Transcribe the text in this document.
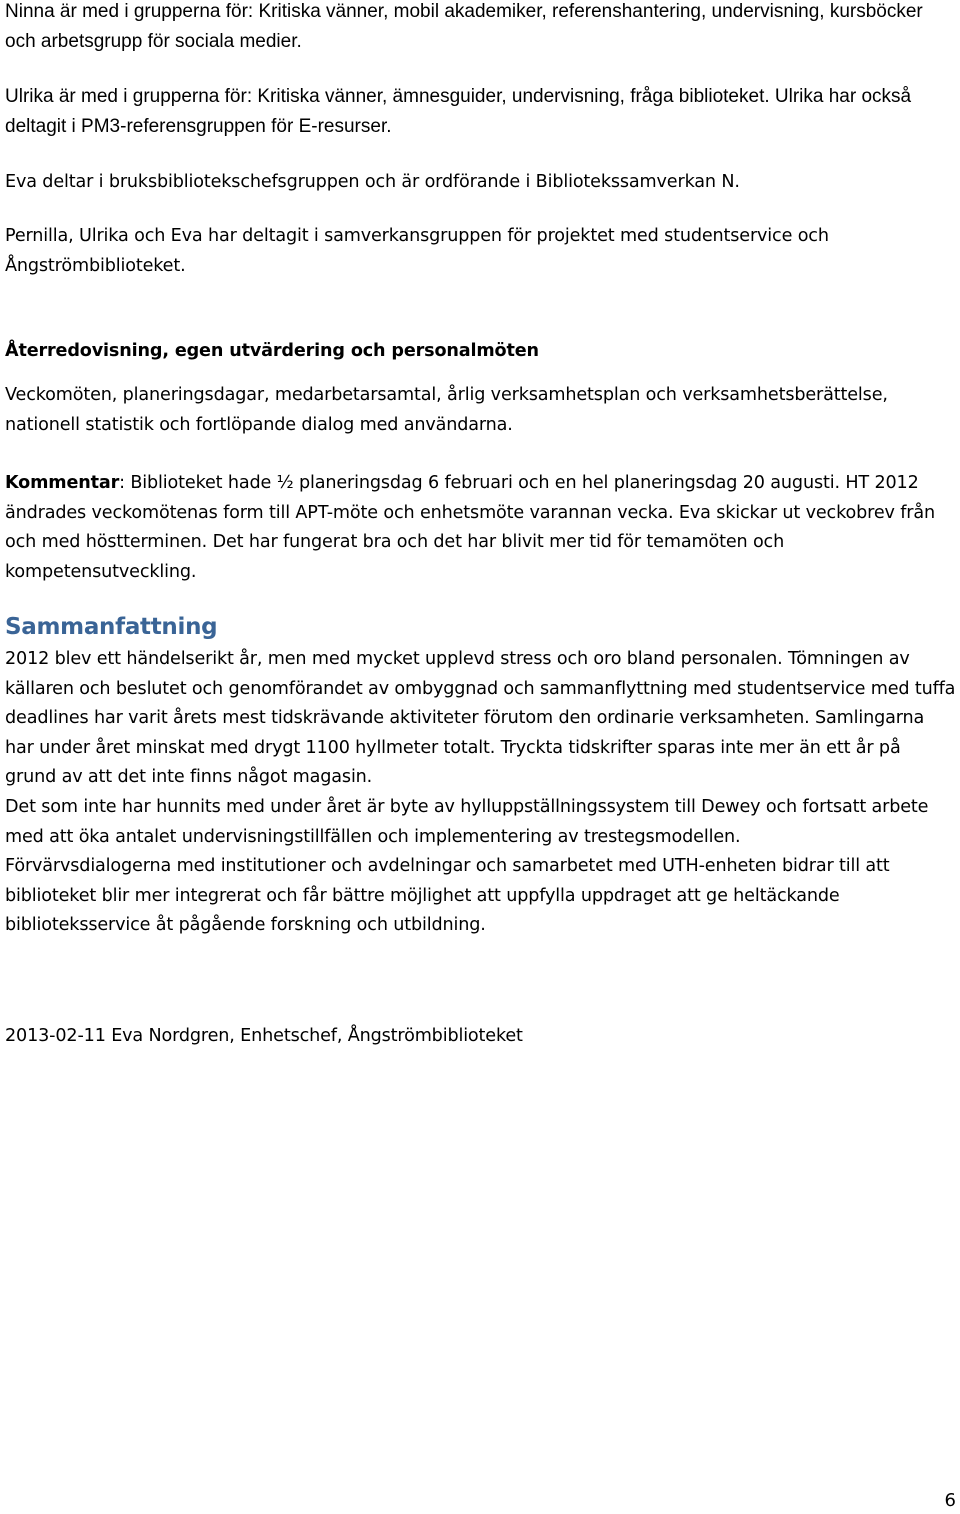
Ninna är med i grupperna för: Kritiska vänner, mobil akademiker, referenshantering, undervisning, kursböcker och arbetsgrupp för sociala medier.

Ulrika är med i grupperna för: Kritiska vänner, ämnesguider, undervisning, fråga biblioteket. Ulrika har också deltagit i PM3-referensgruppen för E-resurser.

Eva deltar i bruksbibliotekschefsgruppen och är ordförande i Bibliotekssamverkan N.

Pernilla, Ulrika och Eva har deltagit i samverkansgruppen för projektet med studentservice och Ångströmbiblioteket.

Återredovisning, egen utvärdering och personalmöten

Veckomöten, planeringsdagar, medarbetarsamtal, årlig verksamhetsplan och verksamhetsberättelse, nationell statistik och fortlöpande dialog med användarna.

Kommentar: Biblioteket hade ½ planeringsdag 6 februari och en hel planeringsdag 20 augusti. HT 2012 ändrades veckomötenas form till APT-möte och enhetsmöte varannan vecka. Eva skickar ut veckobrev från och med höstterminen. Det har fungerat bra och det har blivit mer tid för temamöten och kompetensutveckling.

Sammanfattning

2012 blev ett händelserikt år, men med mycket upplevd stress och oro bland personalen. Tömningen av källaren och beslutet och genomförandet av ombyggnad och sammanflyttning med studentservice med tuffa deadlines har varit årets mest tidskrävande aktiviteter förutom den ordinarie verksamheten. Samlingarna har under året minskat med drygt 1100 hyllmeter totalt. Tryckta tidskrifter sparas inte mer än ett år på grund av att det inte finns något magasin.

Det som inte har hunnits med under året är byte av hylluppställningssystem till Dewey och fortsatt arbete med att öka antalet undervisningstillfällen och implementering av trestegsmodellen.

Förvärvsdialogerna med institutioner och avdelningar och samarbetet med UTH-enheten bidrar till att biblioteket blir mer integrerat och får bättre möjlighet att uppfylla uppdraget att ge heltäckande biblioteksservice åt pågående forskning och utbildning.

2013-02-11 Eva Nordgren, Enhetschef, Ångströmbiblioteket

6
